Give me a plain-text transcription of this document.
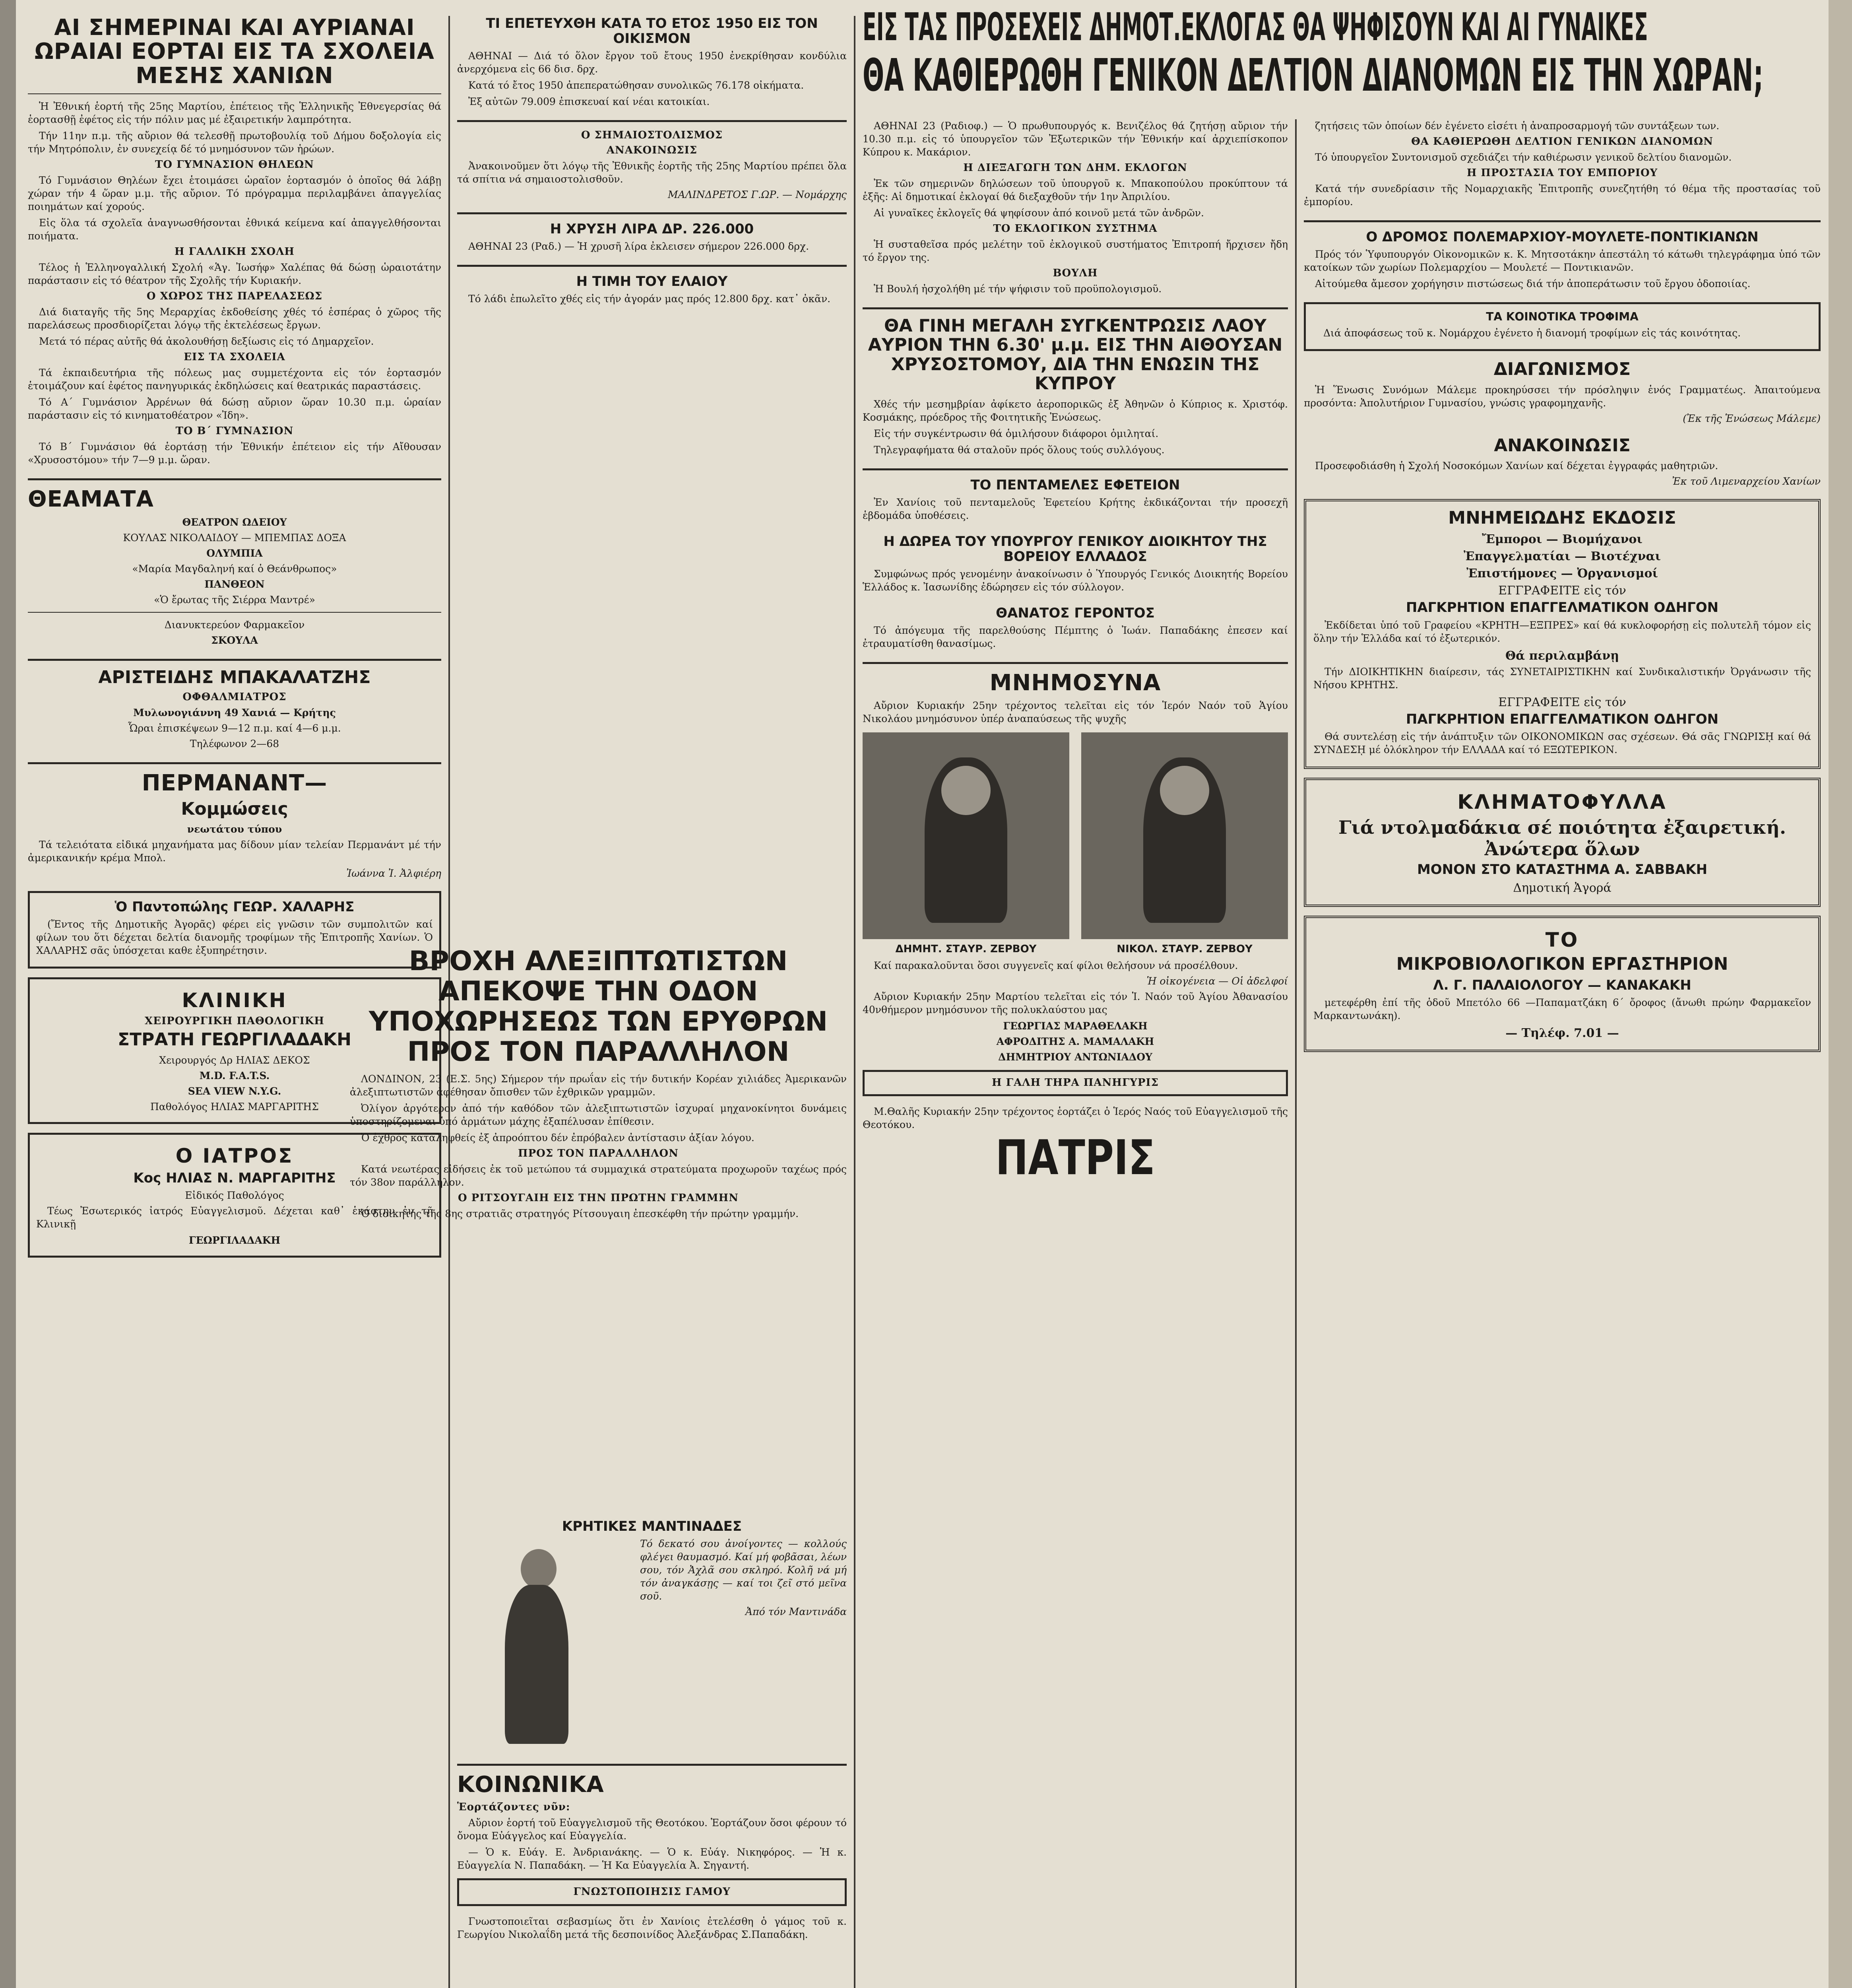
ΕΙΣ ΤΑΣ ΠΡΟΣΕΧΕΙΣ ΔΗΜΟΤ.ΕΚΛΟΓΑΣ ΘΑ ΨΗΦΙΣΟΥΝ ΚΑΙ ΑΙ ΓΥΝΑΙΚΕΣ
ΘΑ ΚΑΘΙΕΡΩΘΗ ΓΕΝΙΚΟΝ ΔΕΛΤΙΟΝ ΔΙΑΝΟΜΩΝ ΕΙΣ ΤΗΝ ΧΩΡΑΝ;
ΑΙ ΣΗΜΕΡΙΝΑΙ ΚΑΙ ΑΥΡΙΑΝΑΙ ΩΡΑΙΑΙ ΕΟΡΤΑΙ ΕΙΣ ΤΑ ΣΧΟΛΕΙΑ ΜΕΣΗΣ ΧΑΝΙΩΝ

Ἡ Ἐθνική ἑορτή τῆς 25ης Μαρτίου, ἐπέτειος τῆς Ἑλληνικῆς Ἐθνεγερσίας θά ἑορτασθῇ ἐφέτος εἰς τήν πόλιν μας μέ ἐξαιρετικήν λαμπρότητα.

Τήν 11ην π.μ. τῆς αὔριον θά τελεσθῇ πρωτοβουλίᾳ τοῦ Δήμου δοξολογία εἰς τήν Μητρόπολιν, ἐν συνεχείᾳ δέ τό μνημόσυνον τῶν ἡρώων.

ΤΟ ΓΥΜΝΑΣΙΟΝ ΘΗΛΕΩΝ

Τό Γυμνάσιον Θηλέων ἔχει ἑτοιμάσει ὡραῖον ἑορτασμόν ὁ ὁποῖος θά λάβῃ χώραν τήν 4 ὥραν μ.μ. τῆς αὔριον. Τό πρόγραμμα περιλαμβάνει ἀπαγγελίας ποιημάτων καί χορούς.

Εἰς ὅλα τά σχολεῖα ἀναγνωσθήσονται ἐθνικά κείμενα καί ἀπαγγελθήσονται ποιήματα.

Η ΓΑΛΛΙΚΗ ΣΧΟΛΗ

Τέλος ἡ Ἑλληνογαλλική Σχολή «Ἁγ. Ἰωσήφ» Χαλέπας θά δώσῃ ὡραιοτάτην παράστασιν εἰς τό θέατρον τῆς Σχολῆς τήν Κυριακήν.

Ο ΧΩΡΟΣ ΤΗΣ ΠΑΡΕΛΑΣΕΩΣ

Διά διαταγῆς τῆς 5ης Μεραρχίας ἐκδοθείσης χθές τό ἑσπέρας ὁ χῶρος τῆς παρελάσεως προσδιορίζεται λόγῳ τῆς ἐκτελέσεως ἔργων.

Μετά τό πέρας αὐτῆς θά ἀκολουθήσῃ δεξίωσις εἰς τό Δημαρχεῖον.

ΕΙΣ ΤΑ ΣΧΟΛΕΙΑ

Τά ἐκπαιδευτήρια τῆς πόλεως μας συμμετέχοντα εἰς τόν ἑορτασμόν ἑτοιμάζουν καί ἐφέτος πανηγυρικάς ἐκδηλώσεις καί θεατρικάς παραστάσεις.

Τό Α΄ Γυμνάσιον Ἀρρένων θά δώσῃ αὔριον ὥραν 10.30 π.μ. ὡραίαν παράστασιν εἰς τό κινηματοθέατρον «Ἰδη».

ΤΟ Β΄ ΓΥΜΝΑΣΙΟΝ

Τό Β΄ Γυμνάσιον θά ἑορτάσῃ τήν Ἐθνικήν ἐπέτειον εἰς τήν Αἴθουσαν «Χρυσοστόμου» τήν 7—9 μ.μ. ὥραν.

ΘΕΑΜΑΤΑ
ΘΕΑΤΡΟΝ ΩΔΕΙΟΥ
ΚΟΥΛΑΣ ΝΙΚΟΛΑΙΔΟΥ — ΜΠΕΜΠΑΣ ΔΟΞΑ
ΟΛΥΜΠΙΑ
«Μαρία Μαγδαληνή καί ὁ Θεάνθρωπος»
ΠΑΝΘΕΟΝ
«Ὁ ἔρωτας τῆς Σιέρρα Μαντρέ»
Διανυκτερεύον Φαρμακεῖον
ΣΚΟΥΛΑ
ΑΡΙΣΤΕΙΔΗΣ ΜΠΑΚΑΛΑΤΖΗΣ
ΟΦΘΑΛΜΙΑΤΡΟΣ
Μυλωνογιάννη 49 Χανιά — Κρήτης
Ὧραι ἐπισκέψεων 9—12 π.μ. καί 4—6 μ.μ.
Τηλέφωνον 2—68
ΠΕΡΜΑΝΑΝΤ—
Κομμώσεις
νεωτάτου τύπου

Τά τελειότατα εἰδικά μηχανήματα μας δίδουν μίαν τελείαν Περμανάντ μέ τήν ἀμερικανικήν κρέμα Μπολ.

Ἰωάννα Ἰ. Ἀλφιέρη
Ὁ Παντοπώλης ΓΕΩΡ. ΧΑΛΑΡΗΣ

(Ἔντος τῆς Δημοτικῆς Ἀγορᾶς) φέρει εἰς γνῶσιν τῶν συμπολιτῶν καί φίλων του ὅτι δέχεται δελτία διανομῆς τροφίμων τῆς Ἐπιτροπῆς Χανίων. Ὁ ΧΑΛΑΡΗΣ σᾶς ὑπόσχεται καθε ἐξυπηρέτησιν.

ΚΛΙΝΙΚΗ
ΧΕΙΡΟΥΡΓΙΚΗ ΠΑΘΟΛΟΓΙΚΗ
ΣΤΡΑΤΗ ΓΕΩΡΓΙΛΑΔΑΚΗ
Χειρουργός Δρ ΗΛΙΑΣ ΔΕΚΟΣ
M.D. F.A.T.S.
SEA VIEW N.Y.G.
Παθολόγος ΗΛΙΑΣ ΜΑΡΓΑΡΙΤΗΣ
Ο ΙΑΤΡΟΣ
Κος ΗΛΙΑΣ Ν. ΜΑΡΓΑΡΙΤΗΣ
Εἰδικός Παθολόγος

Τέως Ἐσωτερικός ἰατρός Εὐαγγελισμοῦ. Δέχεται καθ᾽ ἑκάστην ἐν τῇ Κλινικῇ

ΓΕΩΡΓΙΛΑΔΑΚΗ
ΤΙ ΕΠΕΤΕΥΧΘΗ ΚΑΤΑ ΤΟ ΕΤΟΣ 1950 ΕΙΣ ΤΟΝ ΟΙΚΙΣΜΟΝ

ΑΘΗΝΑΙ — Διά τό ὅλον ἔργον τοῦ ἔτους 1950 ἐνεκρίθησαν κονδύλια ἀνερχόμενα εἰς 66 δισ. δρχ.

Κατά τό ἔτος 1950 ἀπεπερατώθησαν συνολικῶς 76.178 οἰκήματα.

Ἐξ αὐτῶν 79.009 ἐπισκευαί καί νέαι κατοικίαι.

Ο ΣΗΜΑΙΟΣΤΟΛΙΣΜΟΣ
ΑΝΑΚΟΙΝΩΣΙΣ

Ἀνακοινοῦμεν ὅτι λόγῳ τῆς Ἐθνικῆς ἑορτῆς τῆς 25ης Μαρτίου πρέπει ὅλα τά σπίτια νά σημαιοστολισθοῦν.

ΜΑΛΙΝΔΡΕΤΟΣ Γ.ΩΡ. — Νομάρχης
Η ΧΡΥΣΗ ΛΙΡΑ ΔΡ. 226.000

ΑΘΗΝΑΙ 23 (Ραδ.) — Ἡ χρυσῆ λίρα ἐκλεισεν σήμερον 226.000 δρχ.

Η ΤΙΜΗ ΤΟΥ ΕΛΑΙΟΥ

Τό λάδι ἐπωλεῖτο χθές εἰς τήν ἀγοράν μας πρός 12.800 δρχ. κατ᾽ ὀκᾶν.

ΒΡΟΧΗ ΑΛΕΞΙΠΤΩΤΙΣΤΩΝ ΑΠΕΚΟΨΕ ΤΗΝ ΟΔΟΝ ΥΠΟΧΩΡΗΣΕΩΣ ΤΩΝ ΕΡΥΘΡΩΝ ΠΡΟΣ ΤΟΝ ΠΑΡΑΛΛΗΛΟΝ

ΛΟΝΔΙΝΟΝ, 23 (Ε.Σ. 5ης) Σήμερον τήν πρωΐαν εἰς τήν δυτικήν Κορέαν χιλιάδες Ἀμερικανῶν ἀλεξιπτωτιστῶν ἀφέθησαν ὄπισθεν τῶν ἐχθρικῶν γραμμῶν.

Ὀλίγον ἀργότερον ἀπό τήν καθόδον τῶν ἀλεξιπτωτιστῶν ἰσχυραί μηχανοκίνητοι δυνάμεις ὑποστηρίζομεναι ὑπό ἁρμάτων μάχης ἐξαπέλυσαν ἐπίθεσιν.

Ὁ ἐχθρός καταληφθείς ἐξ ἀπροόπτου δέν ἐπρόβαλεν ἀντίστασιν ἀξίαν λόγου.

ΠΡΟΣ ΤΟΝ ΠΑΡΑΛΛΗΛΟΝ

Κατά νεωτέρας εἰδήσεις ἐκ τοῦ μετώπου τά συμμαχικά στρατεύματα προχωροῦν ταχέως πρός τόν 38ον παράλληλον.

Ο ΡΙΤΣΟΥΓΑΙΗ ΕΙΣ ΤΗΝ ΠΡΩΤΗΝ ΓΡΑΜΜΗΝ

Ὁ διοικητής τῆς 8ης στρατιᾶς στρατηγός Ρίτσουγαιη ἐπεσκέφθη τήν πρώτην γραμμήν.

ΚΡΗΤΙΚΕΣ ΜΑΝΤΙΝΑΔΕΣ

Τό δεκατό σου ἀνοίγοντες — κολλούς φλέγει θαυμασμό. Καί μή φοβᾶσαι, λέων σου, τόν Ἀχλᾶ σου σκληρό. Κολῆ νά μή τόν ἀναγκάσῃς — καί τοι ζεῖ στό μεῖνα σοῦ.

Ἀπό τόν Μαντινάδα
ΚΟΙΝΩΝΙΚΑ
Ἑορτάζοντες νῦν:

Αὔριον ἑορτή τοῦ Εὐαγγελισμοῦ τῆς Θεοτόκου. Ἑορτάζουν ὅσοι φέρουν τό ὄνομα Εὐάγγελος καί Εὐαγγελία.

— Ὁ κ. Εὐάγ. Ε. Ἀνδριανάκης. — Ὁ κ. Εὐάγ. Νικηφόρος. — Ἡ κ. Εὐαγγελία Ν. Παπαδάκη. — Ἡ Κα Εὐαγγελία Ἀ. Σηγαντή.

ΓΝΩΣΤΟΠΟΙΗΣΙΣ ΓΑΜΟΥ

Γνωστοποιεῖται σεβασμίως ὅτι ἐν Χανίοις ἐτελέσθη ὁ γάμος τοῦ κ. Γεωργίου Νικολαΐδη μετά τῆς δεσποινίδος Ἀλεξάνδρας Σ.Παπαδάκη.

ΑΘΗΝΑΙ 23 (Ραδιοφ.) — Ὁ πρωθυπουργός κ. Βενιζέλος θά ζητήσῃ αὔριον τήν 10.30 π.μ. εἰς τό ὑπουργεῖον τῶν Ἐξωτερικῶν τήν Ἐθνικήν καί ἀρχιεπίσκοπον Κύπρου κ. Μακάριον.

Η ΔΙΕΞΑΓΩΓΗ ΤΩΝ ΔΗΜ. ΕΚΛΟΓΩΝ

Ἐκ τῶν σημερινῶν δηλώσεων τοῦ ὑπουργοῦ κ. Μπακοπούλου προκύπτουν τά ἑξῆς: Αἱ δημοτικαί ἐκλογαί θά διεξαχθοῦν τήν 1ην Ἀπριλίου.

Αἱ γυναῖκες ἐκλογεῖς θά ψηφίσουν ἀπό κοινοῦ μετά τῶν ἀνδρῶν.

ΤΟ ΕΚΛΟΓΙΚΟΝ ΣΥΣΤΗΜΑ

Ἡ συσταθεῖσα πρός μελέτην τοῦ ἐκλογικοῦ συστήματος Ἐπιτροπή ἤρχισεν ἤδη τό ἔργον της.

ΒΟΥΛΗ

Ἡ Βουλή ἠσχολήθη μέ τήν ψήφισιν τοῦ προϋπολογισμοῦ.

ΘΑ ΓΙΝΗ ΜΕΓΑΛΗ ΣΥΓΚΕΝΤΡΩΣΙΣ ΛΑΟΥ ΑΥΡΙΟΝ ΤΗΝ 6.30' μ.μ. ΕΙΣ ΤΗΝ ΑΙΘΟΥΣΑΝ ΧΡΥΣΟΣΤΟΜΟΥ, ΔΙΑ ΤΗΝ ΕΝΩΣΙΝ ΤΗΣ ΚΥΠΡΟΥ

Χθές τήν μεσημβρίαν ἀφίκετο ἀεροπορικῶς ἐξ Ἀθηνῶν ὁ Κύπριος κ. Χριστόφ. Κοσμάκης, πρόεδρος τῆς Φοιτητικῆς Ἑνώσεως.

Εἰς τήν συγκέντρωσιν θά ὁμιλήσουν διάφοροι ὁμιληταί.

Τηλεγραφήματα θά σταλοῦν πρός ὅλους τούς συλλόγους.

ΤΟ ΠΕΝΤΑΜΕΛΕΣ ΕΦΕΤΕΙΟΝ

Ἐν Χανίοις τοῦ πενταμελοῦς Ἐφετείου Κρήτης ἐκδικάζονται τήν προσεχῆ ἑβδομάδα ὑποθέσεις.

Η ΔΩΡΕΑ ΤΟΥ ΥΠΟΥΡΓΟΥ ΓΕΝΙΚΟΥ ΔΙΟΙΚΗΤΟΥ ΤΗΣ ΒΟΡΕΙΟΥ ΕΛΛΑΔΟΣ

Συμφώνως πρός γενομένην ἀνακοίνωσιν ὁ Ὑπουργός Γενικός Διοικητής Βορείου Ἑλλάδος κ. Ἰασωνίδης ἐδώρησεν εἰς τόν σύλλογον.

ΘΑΝΑΤΟΣ ΓΕΡΟΝΤΟΣ

Τό ἀπόγευμα τῆς παρελθούσης Πέμπτης ὁ Ἰωάν. Παπαδάκης ἐπεσεν καί ἐτραυματίσθη θανασίμως.

ΜΝΗΜΟΣΥΝΑ

Αὔριον Κυριακήν 25ην τρέχοντος τελεῖται εἰς τόν Ἱερόν Ναόν τοῦ Ἁγίου Νικολάου μνημόσυνον ὑπέρ ἀναπαύσεως τῆς ψυχῆς

ΔΗΜΗΤ. ΣΤΑΥΡ. ΖΕΡΒΟΥ	ΝΙΚΟΛ. ΣΤΑΥΡ. ΖΕΡΒΟΥ

Καί παρακαλοῦνται ὅσοι συγγενεῖς καί φίλοι θελήσουν νά προσέλθουν.

Ἡ οἰκογένεια — Οἱ ἀδελφοί

Αὔριον Κυριακήν 25ην Μαρτίου τελεῖται εἰς τόν Ἱ. Ναόν τοῦ Ἁγίου Ἀθανασίου 40νθήμερον μνημόσυνον τῆς πολυκλαύστου μας

ΓΕΩΡΓΙΑΣ ΜΑΡΑΘΕΛΑΚΗ
ΑΦΡΟΔΙΤΗΣ Α. ΜΑΜΑΛΑΚΗ
ΔΗΜΗΤΡΙΟΥ ΑΝΤΩΝΙΑΔΟΥ
Η ΓΑΛΗ ΤΗΡΑ ΠΑΝΗΓΥΡΙΣ

Μ.Θαλῆς Κυριακήν 25ην τρέχοντος ἑορτάζει ὁ Ἱερός Ναός τοῦ Εὐαγγελισμοῦ τῆς Θεοτόκου.

ΠΑΤΡΙΣ

ζητήσεις τῶν ὁποίων δέν ἐγένετο εἰσέτι ἡ ἀναπροσαρμογή τῶν συντάξεων των.

ΘΑ ΚΑΘΙΕΡΩΘΗ ΔΕΛΤΙΟΝ ΓΕΝΙΚΩΝ ΔΙΑΝΟΜΩΝ

Τό ὑπουργεῖον Συντονισμοῦ σχεδιάζει τήν καθιέρωσιν γενικοῦ δελτίου διανομῶν.

Η ΠΡΟΣΤΑΣΙΑ ΤΟΥ ΕΜΠΟΡΙΟΥ

Κατά τήν συνεδρίασιν τῆς Νομαρχιακῆς Ἐπιτροπῆς συνεζητήθη τό θέμα τῆς προστασίας τοῦ ἐμπορίου.

Ο ΔΡΟΜΟΣ ΠΟΛΕΜΑΡΧΙΟΥ-ΜΟΥΛΕΤΕ-ΠΟΝΤΙΚΙΑΝΩΝ

Πρός τόν Ὑφυπουργόν Οἰκονομικῶν κ. Κ. Μητσοτάκην ἀπεστάλη τό κάτωθι τηλεγράφημα ὑπό τῶν κατοίκων τῶν χωρίων Πολεμαρχίου — Μουλετέ — Ποντικιανῶν.

Αἰτούμεθα ἄμεσον χορήγησιν πιστώσεως διά τήν ἀποπεράτωσιν τοῦ ἔργου ὁδοποιίας.

ΤΑ ΚΟΙΝΟΤΙΚΑ ΤΡΟΦΙΜΑ

Διά ἀποφάσεως τοῦ κ. Νομάρχου ἐγένετο ἡ διανομή τροφίμων εἰς τάς κοινότητας.

ΔΙΑΓΩΝΙΣΜΟΣ

Ἡ Ἕνωσις Συνόμων Μάλεμε προκηρύσσει τήν πρόσληψιν ἑνός Γραμματέως. Ἀπαιτούμενα προσόντα: Ἀπολυτήριον Γυμνασίου, γνώσις γραφομηχανῆς.

(Ἐκ τῆς Ἑνώσεως Μάλεμε)
ΑΝΑΚΟΙΝΩΣΙΣ

Προσεφοδιάσθη ἡ Σχολή Νοσοκόμων Χανίων καί δέχεται ἐγγραφάς μαθητριῶν.

Ἐκ τοῦ Λιμεναρχείου Χανίων
ΜΝΗΜΕΙΩΔΗΣ ΕΚΔΟΣΙΣ
Ἔμποροι — Βιομήχανοι
Ἐπαγγελματίαι — Βιοτέχναι
Ἐπιστήμονες — Ὀργανισμοί
ΕΓΓΡΑΦΕΙΤΕ εἰς τόν
ΠΑΓΚΡΗΤΙΟΝ ΕΠΑΓΓΕΛΜΑΤΙΚΟΝ ΟΔΗΓΟΝ

Ἐκδίδεται ὑπό τοῦ Γραφείου «ΚΡΗΤΗ—ΕΞΠΡΕΣ» καί θά κυκλοφορήσῃ εἰς πολυτελῆ τόμον εἰς ὅλην τήν Ἑλλάδα καί τό ἐξωτερικόν.

Θά περιλαμβάνῃ

Τήν ΔΙΟΙΚΗΤΙΚΗΝ διαίρεσιν, τάς ΣΥΝΕΤΑΙΡΙΣΤΙΚΗΝ καί Συνδικαλιστικήν Ὀργάνωσιν τῆς Νήσου ΚΡΗΤΗΣ.

ΕΓΓΡΑΦΕΙΤΕ εἰς τόν
ΠΑΓΚΡΗΤΙΟΝ ΕΠΑΓΓΕΛΜΑΤΙΚΟΝ ΟΔΗΓΟΝ

Θά συντελέσῃ εἰς τήν ἀνάπτυξιν τῶν ΟΙΚΟΝΟΜΙΚΩΝ σας σχέσεων. Θά σᾶς ΓΝΩΡΙΣῌ καί θά ΣΥΝΔΕΣῌ μέ ὁλόκληρον τήν ΕΛΛΑΔΑ καί τό ΕΞΩΤΕΡΙΚΟΝ.

ΚΛΗΜΑΤΟΦΥΛΛΑ
Γιά ντολμαδάκια σέ ποιότητα ἐξαιρετική. Ἀνώτερα ὅλων
ΜΟΝΟΝ ΣΤΟ ΚΑΤΑΣΤΗΜΑ Α. ΣΑΒΒΑΚΗ
Δημοτική Ἀγορά
ΤΟ
ΜΙΚΡΟΒΙΟΛΟΓΙΚΟΝ ΕΡΓΑΣΤΗΡΙΟΝ
Λ. Γ. ΠΑΛΑΙΟΛΟΓΟΥ — ΚΑΝΑΚΑΚΗ

μετεφέρθη ἐπί τῆς ὁδοῦ Μπετόλο 66 —Παπαματζάκη 6΄ ὄροφος (ἄνωθι πρώην Φαρμακεῖον Μαρκαντωνάκη).

— Τηλέφ. 7.01 —
